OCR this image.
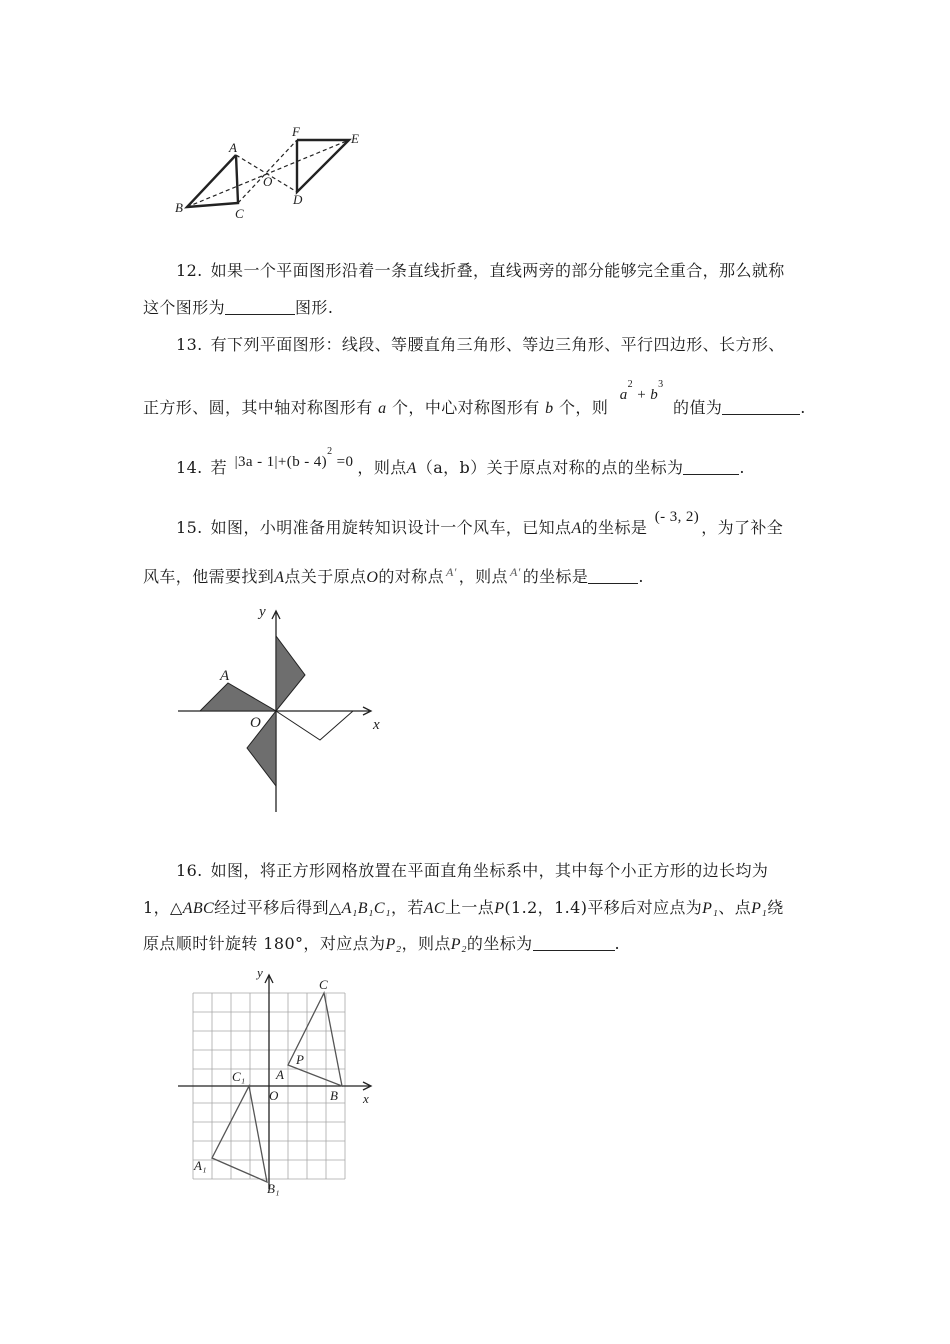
A
B	C
O
F	E
D
12. 如果一个平面图形沿着一条直线折叠，直线两旁的部分能够完全重合，那么就称
这个图形为	图形.
13. 有下列平面图形：线段、等腰直角三角形、等边三角形、平行四边形、长方形、
正方形、圆，其中轴对称图形有 a 个，中心对称图形有 b 个，则 $a^2 + b^3$ 的值为	.
14. 若 |3a - 1|+(b - 4)$^2$ =0 ，则点A（a，b）关于原点对称的点的坐标为	.
15. 如图，小明准备用旋转知识设计一个风车，已知点A的坐标是 (- 3, 2)，为了补全
风车，他需要找到A点关于原点O的对称点 $^{A'}$ ，则点 $^{A'}$ 的坐标是	.
y
x
A
O
16. 如图，将正方形网格放置在平面直角坐标系中，其中每个小正方形的边长均为
1，△ABC经过平移后得到△A₁B₁C₁，若AC上一点P(1.2，1.4)平移后对应点为P₁、点P₁绕
原点顺时针旋转 180°，对应点为P₂，则点P₂的坐标为	.
y
x
C
P
A
O	B
C₁
A₁
B₁
